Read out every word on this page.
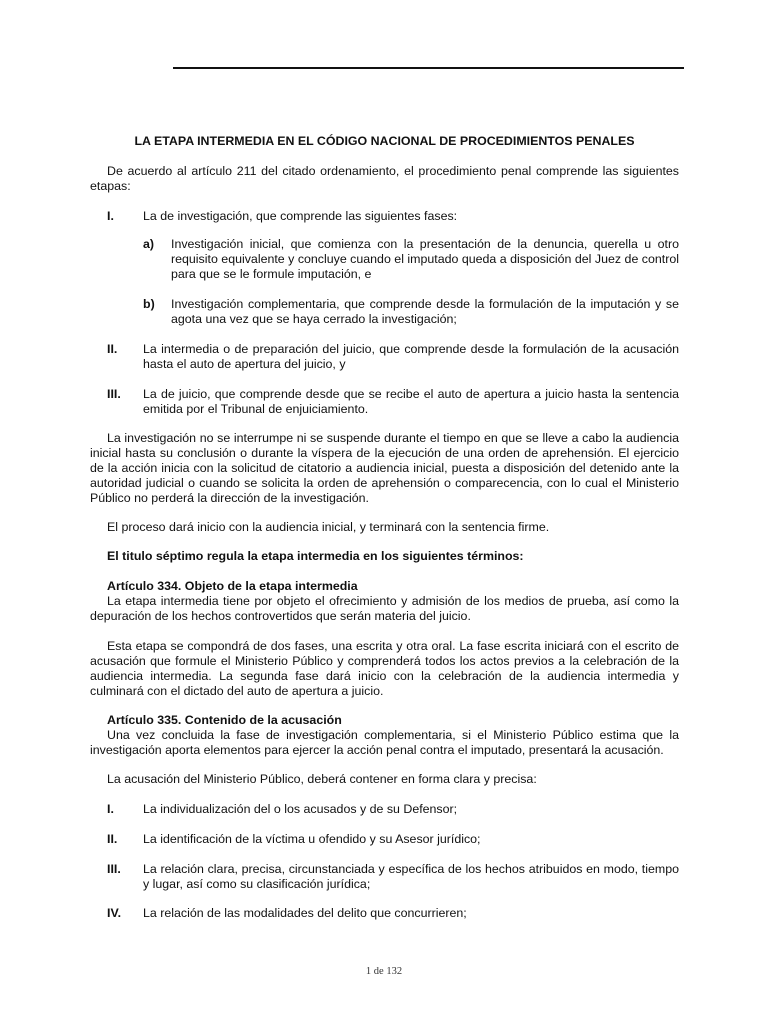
LA ETAPA INTERMEDIA EN EL CÓDIGO NACIONAL DE PROCEDIMIENTOS PENALES

De acuerdo al artículo 211 del citado ordenamiento, el procedimiento penal comprende las siguientes etapas:

I. La de investigación, que comprende las siguientes fases:

a) Investigación inicial, que comienza con la presentación de la denuncia, querella u otro requisito equivalente y concluye cuando el imputado queda a disposición del Juez de control para que se le formule imputación, e

b) Investigación complementaria, que comprende desde la formulación de la imputación y se agota una vez que se haya cerrado la investigación;

II. La intermedia o de preparación del juicio, que comprende desde la formulación de la acusación hasta el auto de apertura del juicio, y

III. La de juicio, que comprende desde que se recibe el auto de apertura a juicio hasta la sentencia emitida por el Tribunal de enjuiciamiento.

La investigación no se interrumpe ni se suspende durante el tiempo en que se lleve a cabo la audiencia inicial hasta su conclusión o durante la víspera de la ejecución de una orden de aprehensión. El ejercicio de la acción inicia con la solicitud de citatorio a audiencia inicial, puesta a disposición del detenido ante la autoridad judicial o cuando se solicita la orden de aprehensión o comparecencia, con lo cual el Ministerio Público no perderá la dirección de la investigación.

El proceso dará inicio con la audiencia inicial, y terminará con la sentencia firme.

El titulo séptimo regula la etapa intermedia en los siguientes términos:

Artículo 334. Objeto de la etapa intermedia

La etapa intermedia tiene por objeto el ofrecimiento y admisión de los medios de prueba, así como la depuración de los hechos controvertidos que serán materia del juicio.

Esta etapa se compondrá de dos fases, una escrita y otra oral. La fase escrita iniciará con el escrito de acusación que formule el Ministerio Público y comprenderá todos los actos previos a la celebración de la audiencia intermedia. La segunda fase dará inicio con la celebración de la audiencia intermedia y culminará con el dictado del auto de apertura a juicio.

Artículo 335. Contenido de la acusación

Una vez concluida la fase de investigación complementaria, si el Ministerio Público estima que la investigación aporta elementos para ejercer la acción penal contra el imputado, presentará la acusación.

La acusación del Ministerio Público, deberá contener en forma clara y precisa:

I. La individualización del o los acusados y de su Defensor;

II. La identificación de la víctima u ofendido y su Asesor jurídico;

III. La relación clara, precisa, circunstanciada y específica de los hechos atribuidos en modo, tiempo y lugar, así como su clasificación jurídica;

IV. La relación de las modalidades del delito que concurrieren;

1 de 132
